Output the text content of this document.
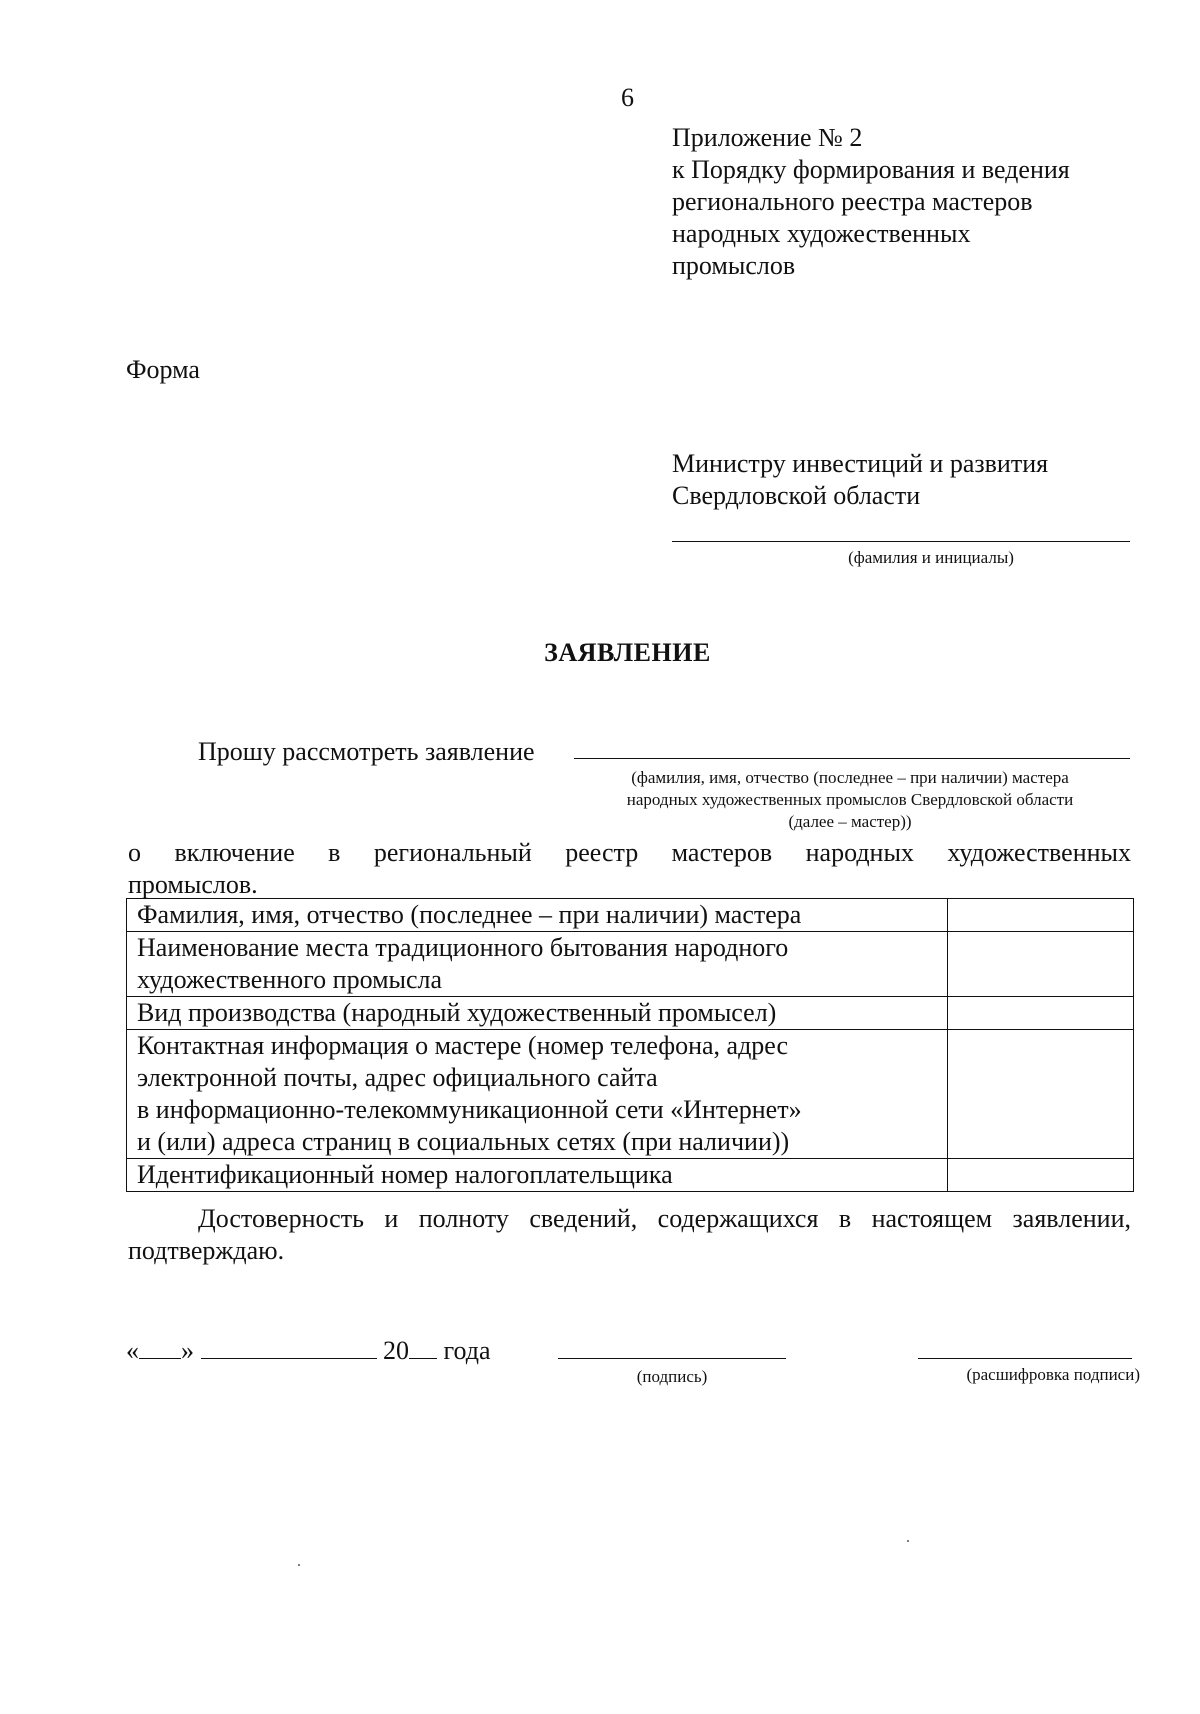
6
Приложение № 2
к Порядку формирования и ведения
регионального реестра мастеров
народных художественных
промыслов
Форма
Министру инвестиций и развития
Свердловской области
(фамилия и инициалы)
ЗАЯВЛЕНИЕ
Прошу рассмотреть заявление
(фамилия, имя, отчество (последнее – при наличии) мастера
народных художественных промыслов Свердловской области
(далее – мастер))
о включение в региональный реестр мастеров народных художественных
промыслов.
Фамилия, имя, отчество (последнее – при наличии) мастера	

Наименование места традиционного бытования народного
художественного промысла	

Вид производства (народный художественный промысел)	

Контактная информация о мастере (номер телефона, адрес
электронной почты, адрес официального сайта
в информационно-телекоммуникационной сети «Интернет»
и (или) адреса страниц в социальных сетях (при наличии))	

Идентификационный номер налогоплательщика	

Достоверность и полноту сведений, содержащихся в настоящем заявлении,
подтверждаю.
« »	20 года
(подпись)	(расшифровка подписи)
